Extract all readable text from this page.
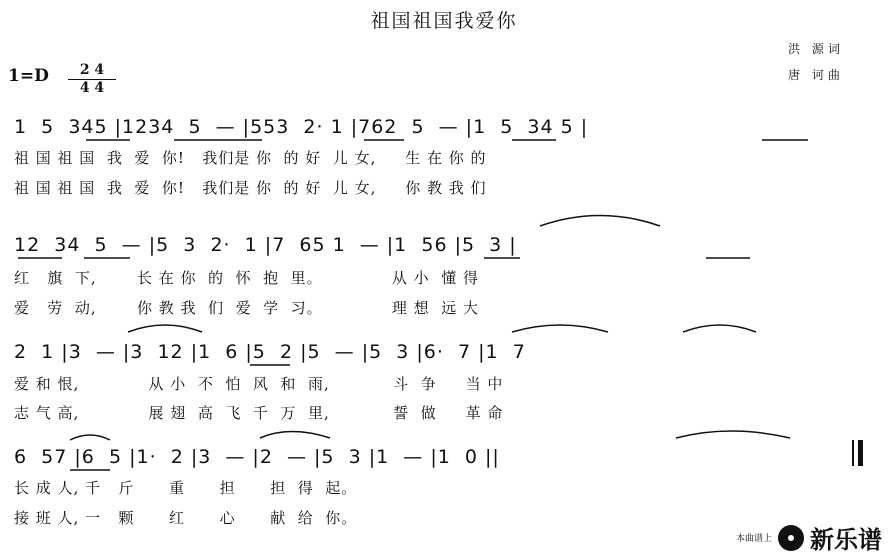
祖国祖国我爱你
洪 源词
唐 诃曲
1=D	2 4
4 4
1  5  345 |1234  5  — |553  2· 1 |762  5  — |1  5  34 5 |
祖 国 祖 国  我  爱  你!   我们是 你  的 好  儿 女,     生 在 你 的
祖 国 祖 国  我  爱  你!   我们是 你  的 好  儿 女,     你 教 我 们
12  34  5  — |5  3  2·  1 |7  65 1  — |1  56 |5  3 |
红   旗  下,       长 在 你  的  怀  抱  里。            从 小  懂 得
爱   劳  动,       你 教 我  们  爱  学  习。            理 想  远 大
2  1 |3  — |3  12 |1  6 |5  2 |5  — |5  3 |6·  7 |1  7
爱 和 恨,            从 小  不  怕  风  和  雨,           斗  争     当 中
志 气 高,            展 翅  高  飞  千  万  里,           誓  做     革 命
6  57 |6  5 |1·  2 |3  — |2  — |5  3 |1  — |1  0 ||
长 成 人, 千   斤      重      担      担  得  起。
接 班 人, 一   颗      红      心      献  给  你。
本曲谱上 新乐谱
